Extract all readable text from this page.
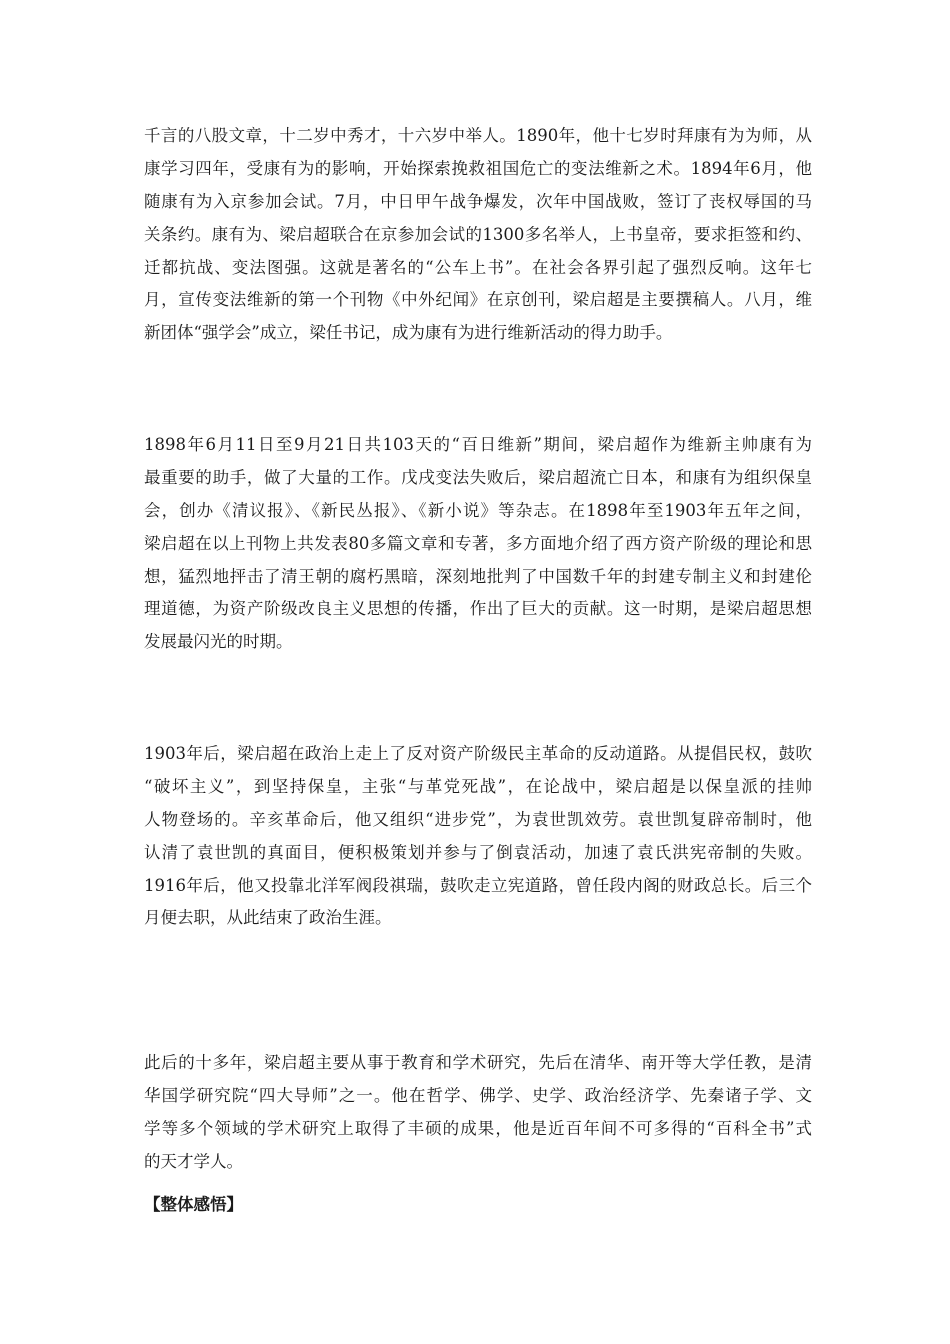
千言的八股文章，十二岁中秀才，十六岁中举人。1890年，他十七岁时拜康有为为师，从
康学习四年，受康有为的影响，开始探索挽救祖国危亡的变法维新之术。1894年6月，他
随康有为入京参加会试。7月，中日甲午战争爆发，次年中国战败，签订了丧权辱国的马
关条约。康有为、梁启超联合在京参加会试的1300多名举人，上书皇帝，要求拒签和约、
迁都抗战、变法图强。这就是著名的“公车上书”。在社会各界引起了强烈反响。这年七
月，宣传变法维新的第一个刊物《中外纪闻》在京创刊，梁启超是主要撰稿人。八月，维
新团体“强学会”成立，梁任书记，成为康有为进行维新活动的得力助手。
1898年6月11日至9月21日共103天的“百日维新”期间，梁启超作为维新主帅康有为
最重要的助手，做了大量的工作。戊戌变法失败后，梁启超流亡日本，和康有为组织保皇
会，创办《清议报》、《新民丛报》、《新小说》等杂志。在1898年至1903年五年之间，
梁启超在以上刊物上共发表80多篇文章和专著，多方面地介绍了西方资产阶级的理论和思
想，猛烈地抨击了清王朝的腐朽黑暗，深刻地批判了中国数千年的封建专制主义和封建伦
理道德，为资产阶级改良主义思想的传播，作出了巨大的贡献。这一时期，是梁启超思想
发展最闪光的时期。
1903年后，梁启超在政治上走上了反对资产阶级民主革命的反动道路。从提倡民权，鼓吹
“破坏主义”，到坚持保皇，主张“与革党死战”，在论战中，梁启超是以保皇派的挂帅
人物登场的。辛亥革命后，他又组织“进步党”，为袁世凯效劳。袁世凯复辟帝制时，他
认清了袁世凯的真面目，便积极策划并参与了倒袁活动，加速了袁氏洪宪帝制的失败。
1916年后，他又投靠北洋军阀段祺瑞，鼓吹走立宪道路，曾任段内阁的财政总长。后三个
月便去职，从此结束了政治生涯。
此后的十多年，梁启超主要从事于教育和学术研究，先后在清华、南开等大学任教，是清
华国学研究院“四大导师”之一。他在哲学、佛学、史学、政治经济学、先秦诸子学、文
学等多个领域的学术研究上取得了丰硕的成果，他是近百年间不可多得的“百科全书”式
的天才学人。
【整体感悟】
